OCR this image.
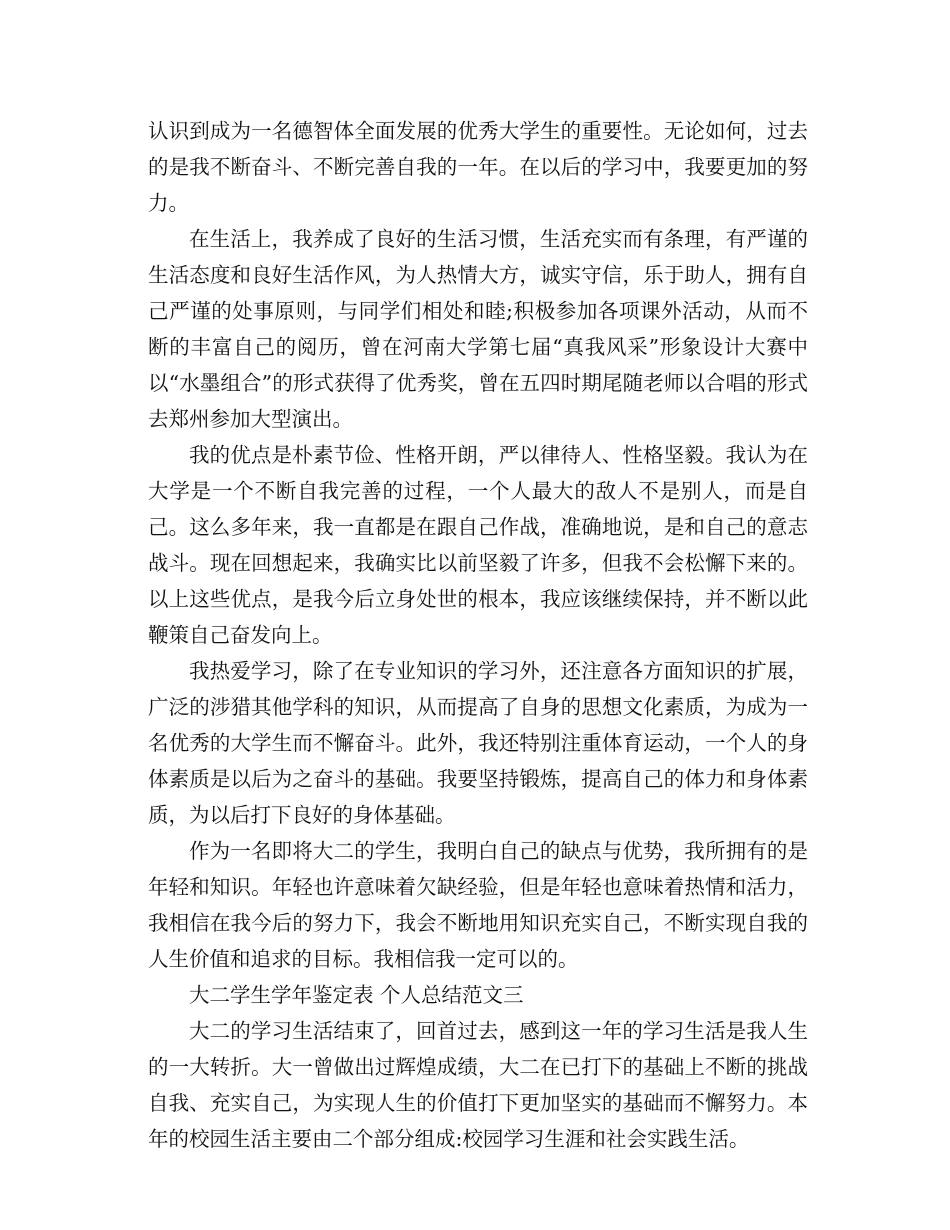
认识到成为一名德智体全面发展的优秀大学生的重要性。无论如何，过去的是我不断奋斗、不断完善自我的一年。在以后的学习中，我要更加的努力。

在生活上，我养成了良好的生活习惯，生活充实而有条理，有严谨的生活态度和良好生活作风，为人热情大方，诚实守信，乐于助人，拥有自己严谨的处事原则，与同学们相处和睦;积极参加各项课外活动，从而不断的丰富自己的阅历，曾在河南大学第七届“真我风采”形象设计大赛中以“水墨组合”的形式获得了优秀奖，曾在五四时期尾随老师以合唱的形式去郑州参加大型演出。

我的优点是朴素节俭、性格开朗，严以律待人、性格坚毅。我认为在大学是一个不断自我完善的过程，一个人最大的敌人不是别人，而是自己。这么多年来，我一直都是在跟自己作战，准确地说，是和自己的意志战斗。现在回想起来，我确实比以前坚毅了许多，但我不会松懈下来的。以上这些优点，是我今后立身处世的根本，我应该继续保持，并不断以此鞭策自己奋发向上。

我热爱学习，除了在专业知识的学习外，还注意各方面知识的扩展，广泛的涉猎其他学科的知识，从而提高了自身的思想文化素质，为成为一名优秀的大学生而不懈奋斗。此外，我还特别注重体育运动，一个人的身体素质是以后为之奋斗的基础。我要坚持锻炼，提高自己的体力和身体素质，为以后打下良好的身体基础。

作为一名即将大二的学生，我明白自己的缺点与优势，我所拥有的是年轻和知识。年轻也许意味着欠缺经验，但是年轻也意味着热情和活力，我相信在我今后的努力下，我会不断地用知识充实自己，不断实现自我的人生价值和追求的目标。我相信我一定可以的。

大二学生学年鉴定表 个人总结范文三

大二的学习生活结束了，回首过去，感到这一年的学习生活是我人生的一大转折。大一曾做出过辉煌成绩，大二在已打下的基础上不断的挑战自我、充实自己，为实现人生的价值打下更加坚实的基础而不懈努力。本年的校园生活主要由二个部分组成:校园学习生涯和社会实践生活。
